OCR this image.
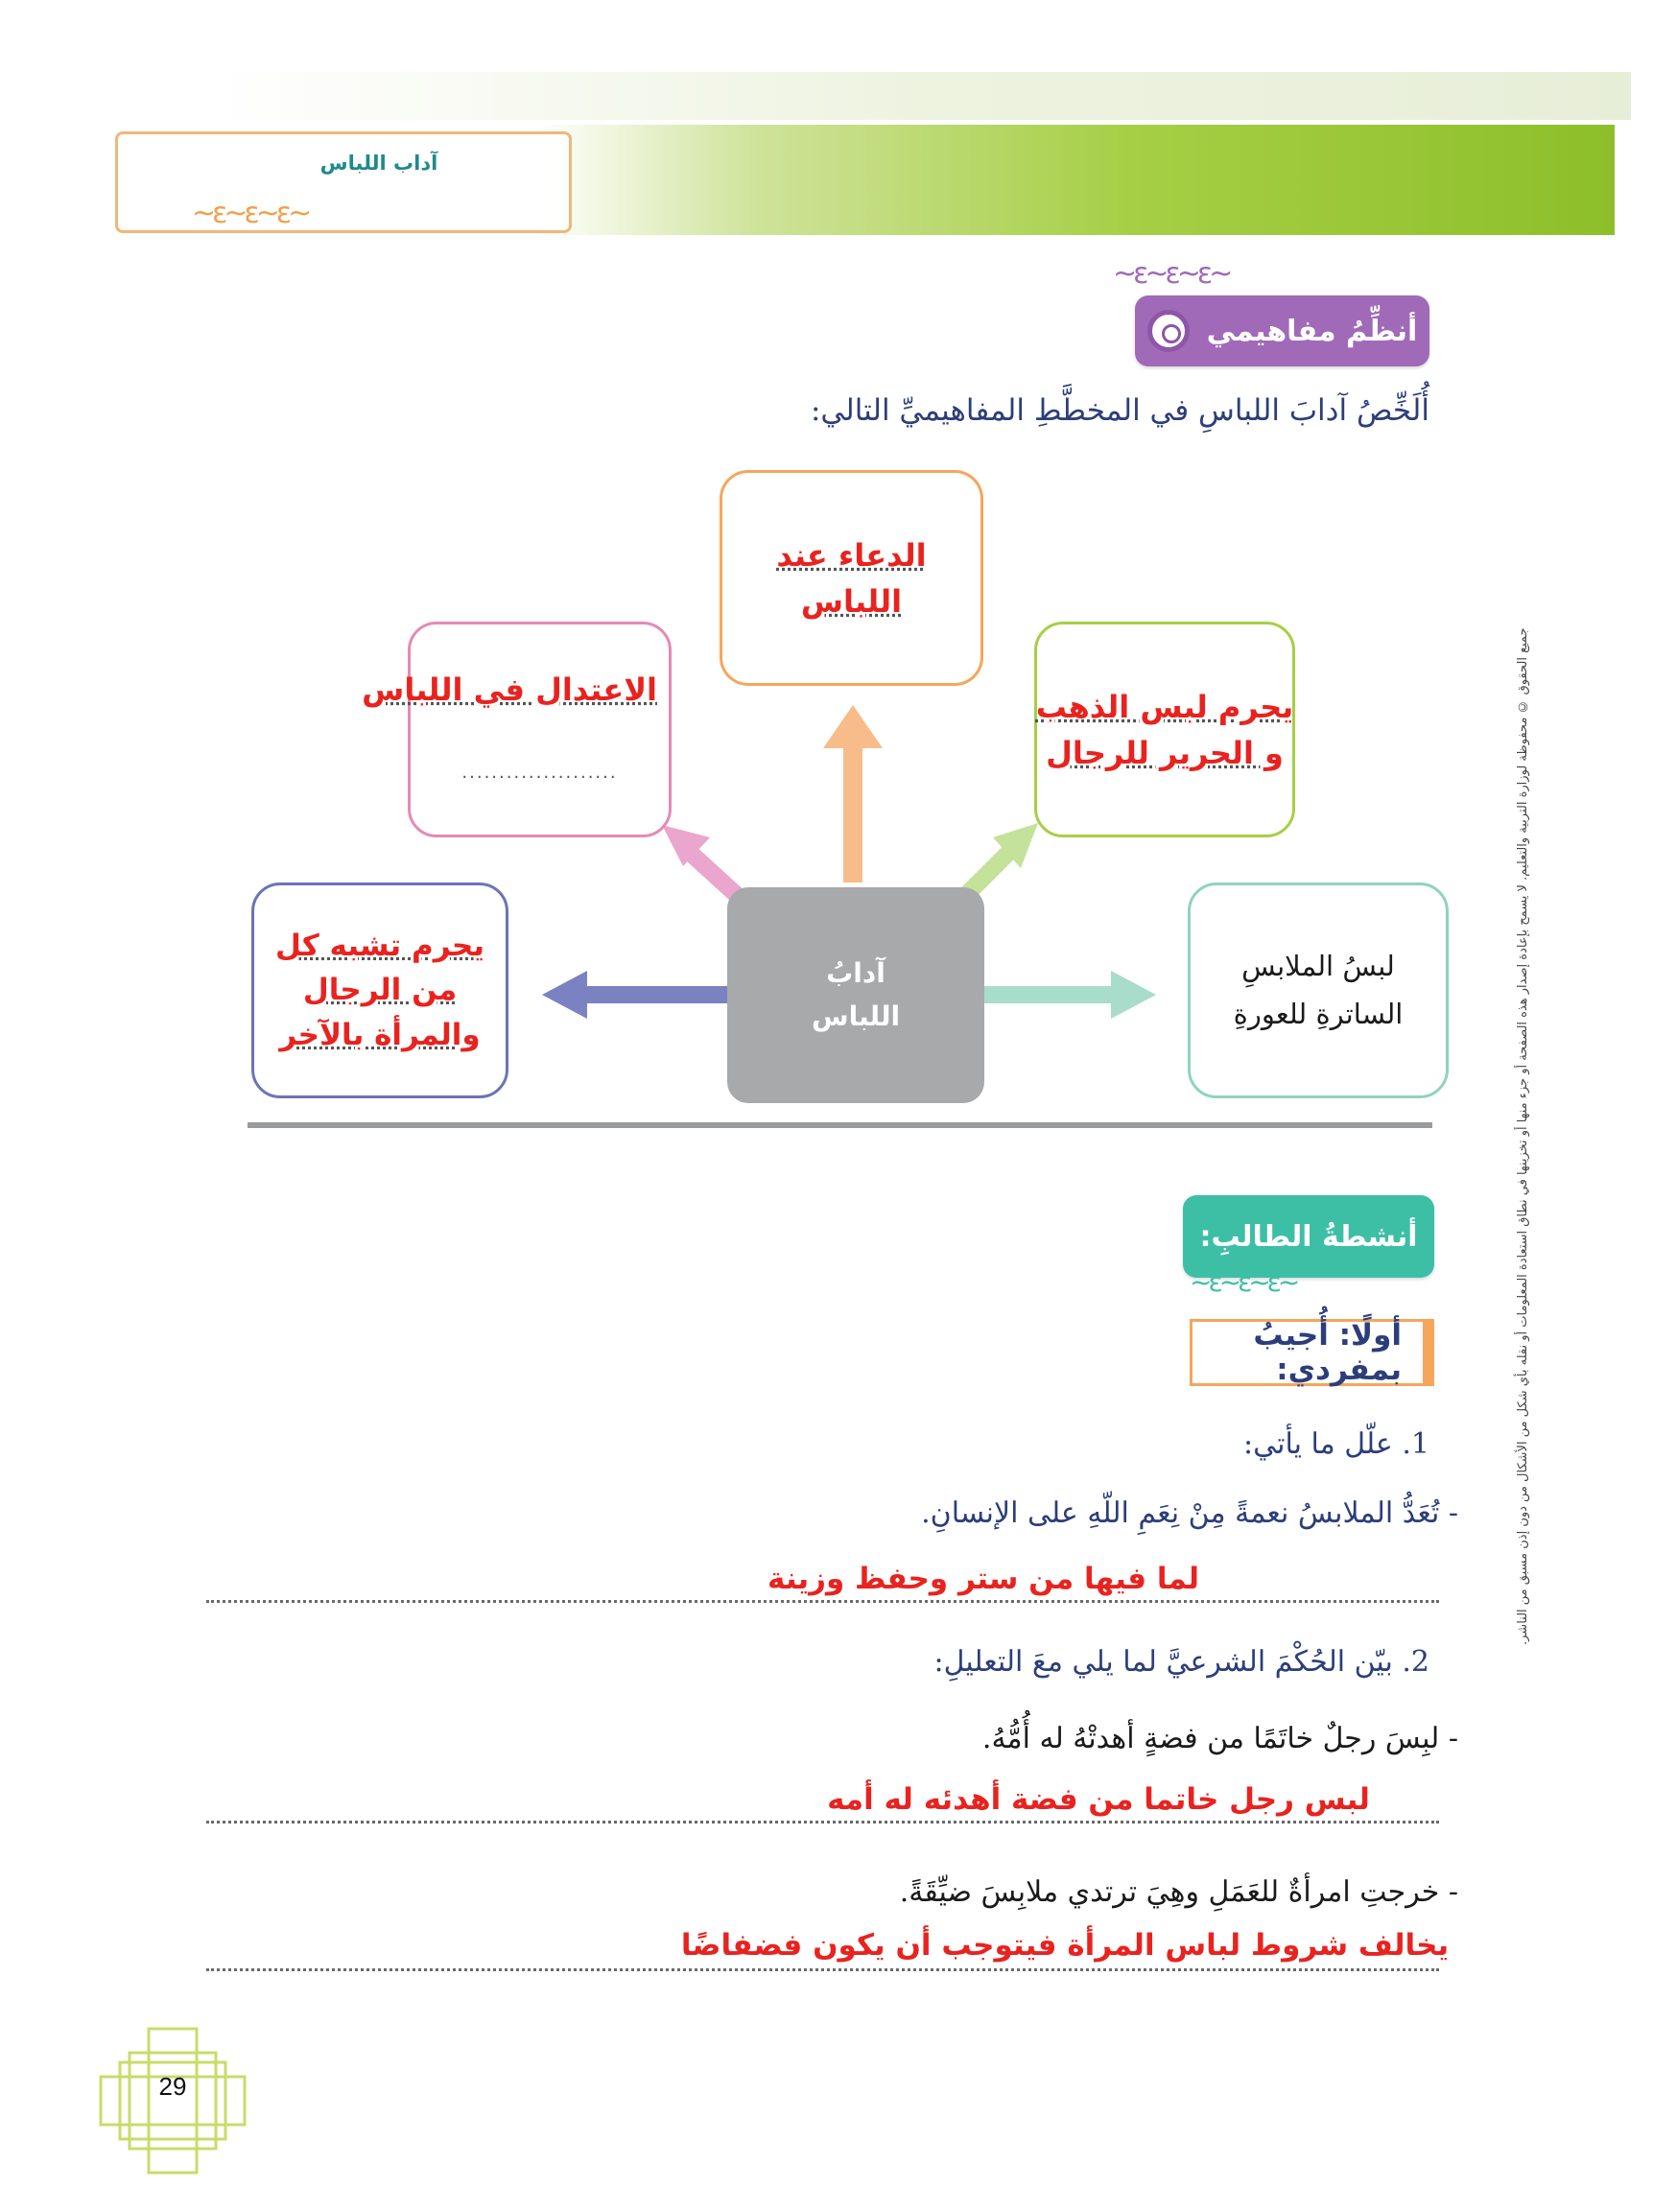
آداب اللباس
~ε~ε~ε~
~ε~ε~ε~
أنظِّمُ مفاهيمي
أُلَخِّصُ آدابَ اللباسِ في المخطَّطِ المفاهيميِّ التالي:
آدابُ
اللباس
الدعاء عند
اللباس
.....................
الاعتدال في اللباس	يحرم لبس الذهب
و الحرير للرجال
يحرم تشبه كل
من الرجال
والمرأة بالآخر
لبسُ الملابسِ
الساترةِ للعورةِ
أنشطةُ الطالبِ:
~ε~ε~ε~
أولًا: أُجيبُ بمفردي:
1. علّل ما يأتي:
- تُعَدُّ الملابسُ نعمةً مِنْ نِعَمِ اللّهِ على الإنسانِ.
لما فيها من ستر وحفظ وزينة
2. بيّن الحُكْمَ الشرعيَّ لما يلي معَ التعليلِ:
- لبِسَ رجلٌ خاتَمًا من فضةٍ أهدتْهُ له أُمُّهُ.
لبس رجل خاتما من فضة أهدئه له أمه
- خرجتِ امرأةٌ للعَمَلِ وهِيَ ترتدي ملابِسَ ضيِّقَةً.
يخالف شروط لباس المرأة فيتوجب أن يكون فضفاضًا
جميع الحقوق © محفوظة لوزارة التربية والتعليم. لا يسمح بإعادة إصدار هذه الصفحة أو جزء منها أو تخزينها في نطاق استعادة المعلومات أو نقله بأي شكل من الأشكال من دون إذن مسبق من الناشر.
29
